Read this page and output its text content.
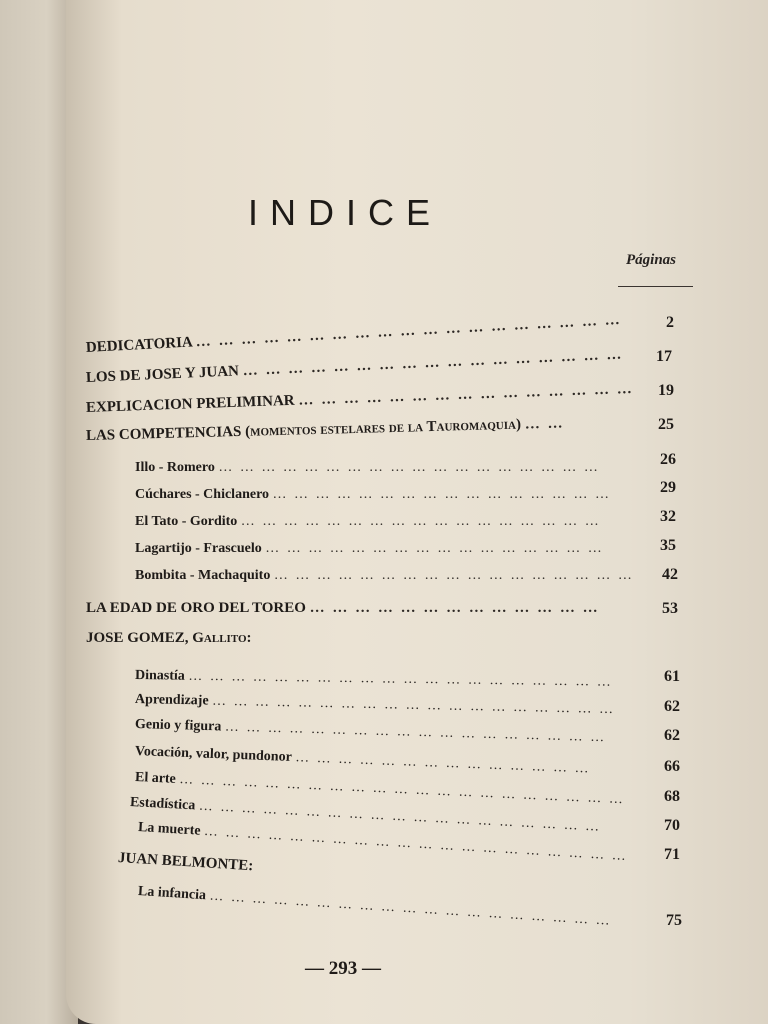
INDICE
Páginas
DEDICATORIA … … … … … … … … … … … … … … … … … … …	2
LOS DE JOSE Y JUAN … … … … … … … … … … … … … … … … … 17
EXPLICACION PRELIMINAR … … … … … … … … … … … … … … … 19
LAS COMPETENCIAS (momentos estelares de la Tauromaquia) … …	25
Illo - Romero … … … … … … … … … … … … … … … … … …	26
Cúchares - Chiclanero … … … … … … … … … … … … … … … …	29
El Tato - Gordito … … … … … … … … … … … … … … … … …	32
Lagartijo - Frascuelo … … … … … … … … … … … … … … … …	35
Bombita - Machaquito … … … … … … … … … … … … … … … … … 42
LA EDAD DE ORO DEL TOREO … … … … … … … … … … … … …	53
JOSE GOMEZ, Gallito:
Dinastía … … … … … … … … … … … … … … … … … … … …	61
Aprendizaje … … … … … … … … … … … … … … … … … … …	62
Genio y figura … … … … … … … … … … … … … … … … … …	62
Vocación, valor, pundonor … … … … … … … … … … … … … …	66
El arte … … … … … … … … … … … … … … … … … … … … … 68
Estadística … … … … … … … … … … … … … … … … … … …	70
La muerte … … … … … … … … … … … … … … … … … … … … 71
JUAN BELMONTE:
La infancia … … … … … … … … … … … … … … … … … … …	75
— 293 —
